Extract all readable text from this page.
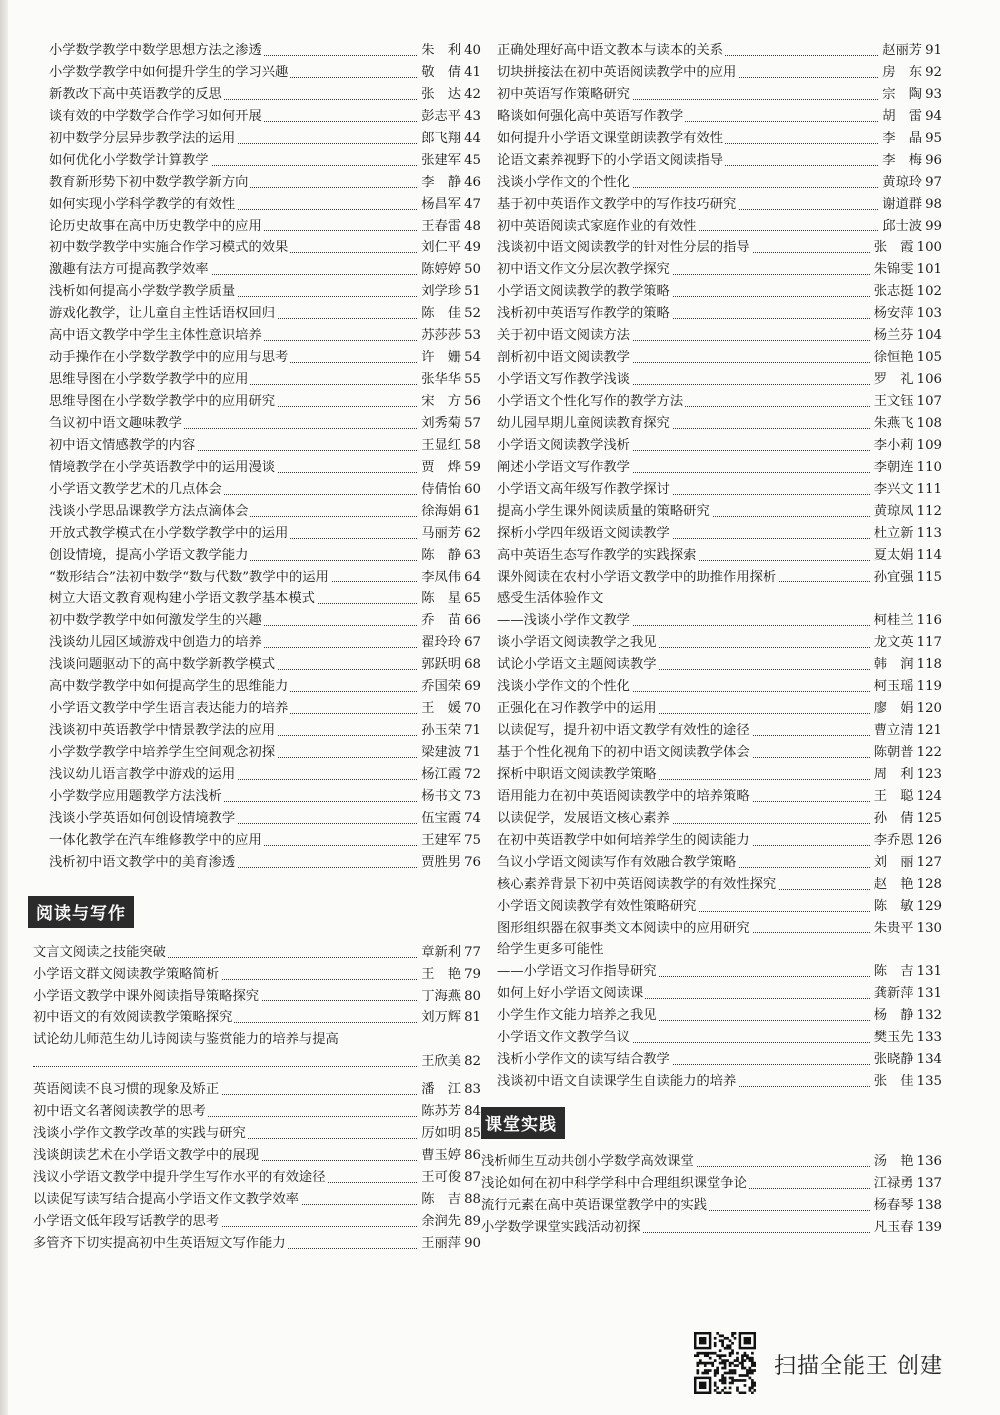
小学数学教学中数学思想方法之渗透	朱　利 40
小学数学教学中如何提升学生的学习兴趣	敬　倩 41
新教改下高中英语教学的反思	张　达 42
谈有效的中学数学合作学习如何开展	彭志平 43
初中数学分层异步教学法的运用	郎飞翔 44
如何优化小学数学计算教学	张建军 45
教育新形势下初中数学教学新方向	李　静 46
如何实现小学科学教学的有效性	杨昌军 47
论历史故事在高中历史教学中的应用	王春雷 48
初中数学教学中实施合作学习模式的效果	刘仁平 49
激趣有法方可提高教学效率	陈婷婷 50
浅析如何提高小学数学教学质量	刘学珍 51
游戏化教学，让儿童自主性话语权回归	陈　佳 52
高中语文教学中学生主体性意识培养	苏莎莎 53
动手操作在小学数学教学中的应用与思考	许　姗 54
思维导图在小学数学教学中的应用	张华华 55
思维导图在小学数学教学中的应用研究	宋　方 56
刍议初中语文趣味教学	刘秀菊 57
初中语文情感教学的内容	王显红 58
情境教学在小学英语教学中的运用漫谈	贾　烨 59
小学语文教学艺术的几点体会	侍倩怡 60
浅谈小学思品课教学方法点滴体会	徐海娟 61
开放式教学模式在小学数学教学中的运用	马丽芳 62
创设情境，提高小学语文教学能力	陈　静 63
“数形结合”法初中数学“数与代数”教学中的运用	李凤伟 64
树立大语文教育观构建小学语文教学基本模式	陈　星 65
初中数学教学中如何激发学生的兴趣	乔　苗 66
浅谈幼儿园区域游戏中创造力的培养	翟玲玲 67
浅谈问题驱动下的高中数学新教学模式	郭跃明 68
高中数学教学中如何提高学生的思维能力	乔国荣 69
小学语文教学中学生语言表达能力的培养	王　媛 70
浅谈初中英语教学中情景教学法的应用	孙玉荣 71
小学数学教学中培养学生空间观念初探	梁建波 71
浅议幼儿语言教学中游戏的运用	杨江霞 72
小学数学应用题教学方法浅析	杨书文 73
浅谈小学英语如何创设情境教学	伍宝霞 74
一体化教学在汽车维修教学中的应用	王建军 75
浅析初中语文教学中的美育渗透	贾胜男 76
阅读与写作
文言文阅读之技能突破	章新利 77
小学语文群文阅读教学策略简析	王　艳 79
小学语文教学中课外阅读指导策略探究	丁海燕 80
初中语文的有效阅读教学策略探究	刘万辉 81
试论幼儿师范生幼儿诗阅读与鉴赏能力的培养与提高
王欣美 82
英语阅读不良习惯的现象及矫正	潘　江 83
初中语文名著阅读教学的思考	陈苏芳 84
浅谈小学作文教学改革的实践与研究	厉如明 85
浅谈朗读艺术在小学语文教学中的展现	曹玉婷 86
浅议小学语文教学中提升学生写作水平的有效途径	王可俊 87
以读促写读写结合提高小学语文作文教学效率	陈　吉 88
小学语文低年段写话教学的思考	余润先 89
多管齐下切实提高初中生英语短文写作能力	王丽萍 90
正确处理好高中语文教本与读本的关系	赵丽芳 91
切块拼接法在初中英语阅读教学中的应用	房　东 92
初中英语写作策略研究	宗　陶 93
略谈如何强化高中英语写作教学	胡　雷 94
如何提升小学语文课堂朗读教学有效性	李　晶 95
论语文素养视野下的小学语文阅读指导	李　梅 96
浅谈小学作文的个性化	黄琼玲 97
基于初中英语作文教学中的写作技巧研究	谢道群 98
初中英语阅读式家庭作业的有效性	邱士波 99
浅谈初中语文阅读教学的针对性分层的指导	张　霞 100
初中语文作文分层次教学探究	朱锦雯 101
小学语文阅读教学的教学策略	张志挺 102
浅析初中英语写作教学的策略	杨安萍 103
关于初中语文阅读方法	杨兰芬 104
剖析初中语文阅读教学	徐恒艳 105
小学语文写作教学浅谈	罗　礼 106
小学语文个性化写作的教学方法	王文钰 107
幼儿园早期儿童阅读教育探究	朱燕飞 108
小学语文阅读教学浅析	李小莉 109
阐述小学语文写作教学	李朝连 110
小学语文高年级写作教学探讨	李兴文 111
提高小学生课外阅读质量的策略研究	黄琼凤 112
探析小学四年级语文阅读教学	杜立新 113
高中英语生态写作教学的实践探索	夏太娟 114
课外阅读在农村小学语文教学中的助推作用探析	孙宜强 115
感受生活体验作文
——浅谈小学作文教学	柯桂兰 116
谈小学语文阅读教学之我见	龙文英 117
试论小学语文主题阅读教学	韩　润 118
浅谈小学作文的个性化	柯玉瑶 119
正强化在习作教学中的运用	廖　娟 120
以读促写，提升初中语文教学有效性的途径	曹立清 121
基于个性化视角下的初中语文阅读教学体会	陈朝普 122
探析中职语文阅读教学策略	周　利 123
语用能力在初中英语阅读教学中的培养策略	王　聪 124
以读促学，发展语文核心素养	孙　倩 125
在初中英语教学中如何培养学生的阅读能力	李乔恩 126
刍议小学语文阅读写作有效融合教学策略	刘　丽 127
核心素养背景下初中英语阅读教学的有效性探究	赵　艳 128
小学语文阅读教学有效性策略研究	陈　敏 129
图形组织器在叙事类文本阅读中的应用研究	朱贵平 130
给学生更多可能性
——小学语文习作指导研究	陈　吉 131
如何上好小学语文阅读课	龚新萍 131
小学生作文能力培养之我见	杨　静 132
小学语文作文教学刍议	樊玉先 133
浅析小学作文的读写结合教学	张晓静 134
浅谈初中语文自读课学生自读能力的培养	张　佳 135
课堂实践
浅析师生互动共创小学数学高效课堂	汤　艳 136
浅论如何在初中科学学科中合理组织课堂争论	江禄勇 137
流行元素在高中英语课堂教学中的实践	杨春琴 138
小学数学课堂实践活动初探	凡玉春 139
扫描全能王 创建
